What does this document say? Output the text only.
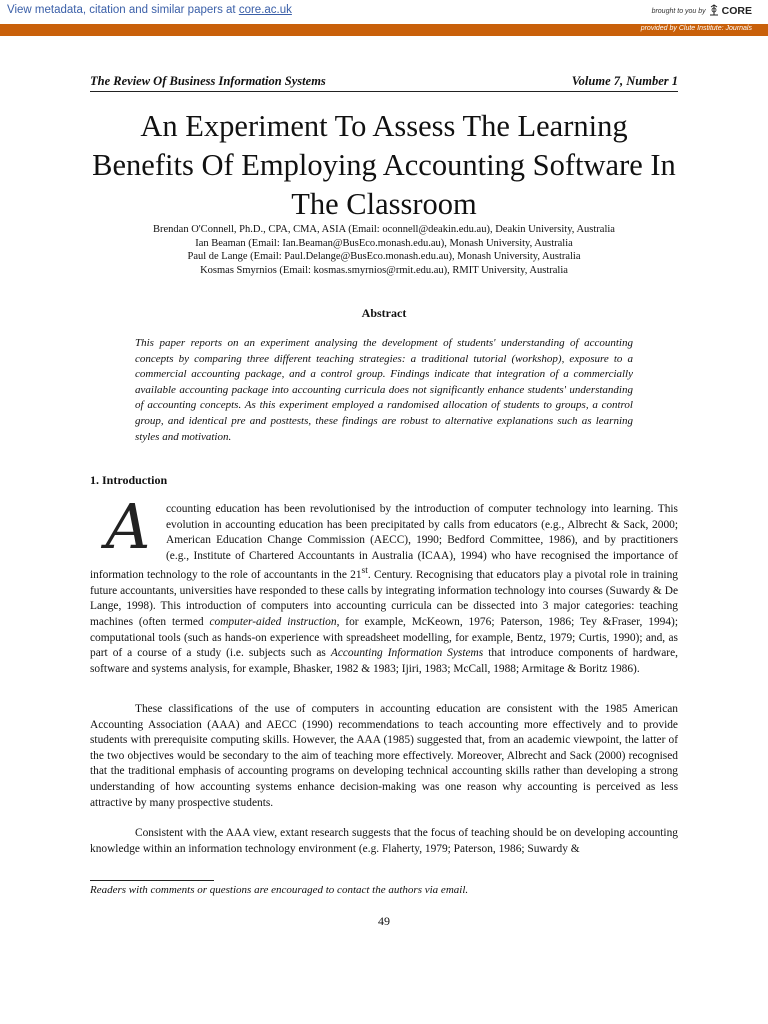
View metadata, citation and similar papers at core.ac.uk	brought to you by CORE
provided by Clute Institute: Journals
The Review Of Business Information Systems	Volume 7, Number 1
An Experiment To Assess The Learning Benefits Of Employing Accounting Software In The Classroom
Brendan O'Connell, Ph.D., CPA, CMA, ASIA (Email: oconnell@deakin.edu.au), Deakin University, Australia
Ian Beaman (Email: Ian.Beaman@BusEco.monash.edu.au), Monash University, Australia
Paul de Lange (Email: Paul.Delange@BusEco.monash.edu.au), Monash University, Australia
Kosmas Smyrnios (Email: kosmas.smyrnios@rmit.edu.au), RMIT University, Australia
Abstract

This paper reports on an experiment analysing the development of students' understanding of accounting concepts by comparing three different teaching strategies: a traditional tutorial (workshop), exposure to a commercial accounting package, and a control group. Findings indicate that integration of a commercially available accounting package into accounting curricula does not significantly enhance students' understanding of accounting concepts. As this experiment employed a randomised allocation of students to groups, a control group, and identical pre and posttests, these findings are robust to alternative explanations such as learning styles and motivation.

1. Introduction

A	ccounting education has been revolutionised by the introduction of computer technology into learning. This evolution in accounting education has been precipitated by calls from educators (e.g., Albrecht & Sack, 2000; American Education Change Commission (AECC), 1990; Bedford Committee, 1986), and by practitioners (e.g., Institute of Chartered Accountants in Australia (ICAA), 1994) who have recognised the importance of information technology to the role of accountants in the 21st. Century. Recognising that educators play a pivotal role in training future accountants, universities have responded to these calls by integrating information technology into courses (Suwardy & De Lange, 1998). This introduction of computers into accounting curricula can be dissected into 3 major categories: teaching machines (often termed computer-aided instruction, for example, McKeown, 1976; Paterson, 1986; Tey &Fraser, 1994); computational tools (such as hands-on experience with spreadsheet modelling, for example, Bentz, 1979; Curtis, 1990); and, as part of a course of a study (i.e. subjects such as Accounting Information Systems that introduce components of hardware, software and systems analysis, for example, Bhasker, 1982 & 1983; Ijiri, 1983; McCall, 1988; Armitage & Boritz 1986).

These classifications of the use of computers in accounting education are consistent with the 1985 American Accounting Association (AAA) and AECC (1990) recommendations to teach accounting more effectively and to provide students with prerequisite computing skills. However, the AAA (1985) suggested that, from an academic viewpoint, the latter of the two objectives would be secondary to the aim of teaching more effectively. Moreover, Albrecht and Sack (2000) recognised that the traditional emphasis of accounting programs on developing technical accounting skills rather than developing a strong understanding of how accounting systems enhance decision-making was one reason why accounting is perceived as less attractive by many prospective students.

Consistent with the AAA view, extant research suggests that the focus of teaching should be on developing accounting knowledge within an information technology environment (e.g. Flaherty, 1979; Paterson, 1986; Suwardy &

Readers with comments or questions are encouraged to contact the authors via email.
49
